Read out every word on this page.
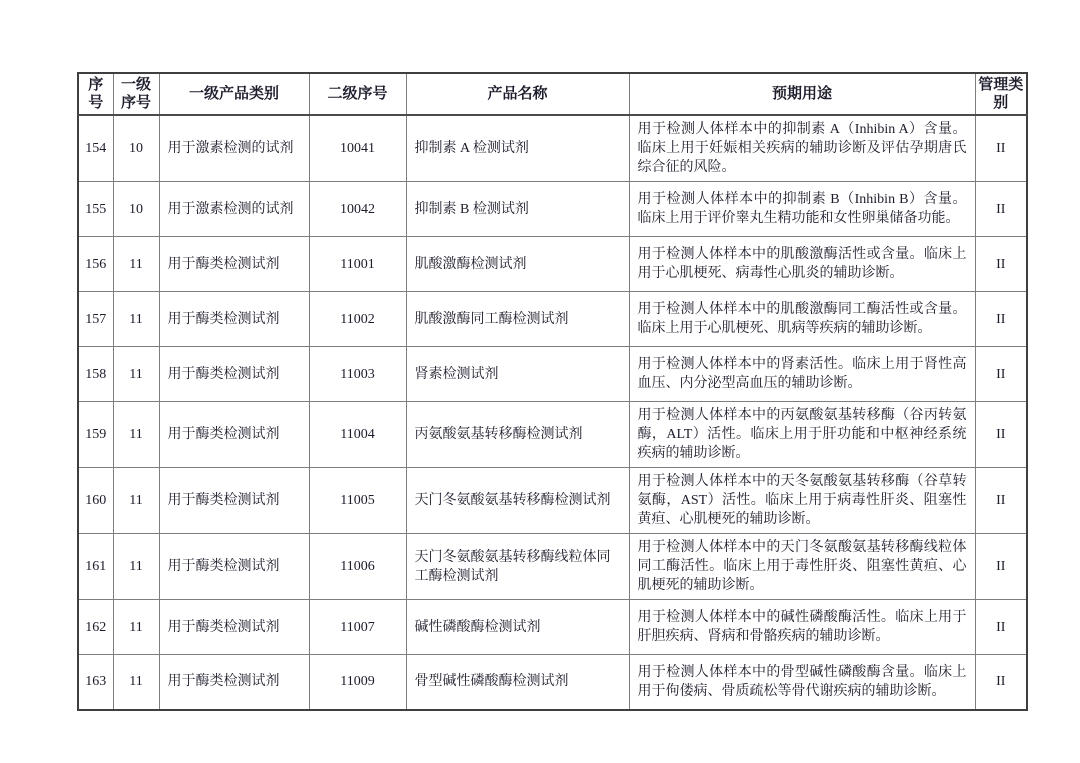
序号	一级序号	一级产品类别	二级序号	产品名称	预期用途	管理类别
154	10	用于激素检测的试剂	10041	抑制素 A 检测试剂	用于检测人体样本中的抑制素 A（Inhibin A）含量。临床上用于妊娠相关疾病的辅助诊断及评估孕期唐氏综合征的风险。	II
155	10	用于激素检测的试剂	10042	抑制素 B 检测试剂	用于检测人体样本中的抑制素 B（Inhibin B）含量。临床上用于评价睾丸生精功能和女性卵巢储备功能。	II
156	11	用于酶类检测试剂	11001	肌酸激酶检测试剂	用于检测人体样本中的肌酸激酶活性或含量。临床上用于心肌梗死、病毒性心肌炎的辅助诊断。	II
157	11	用于酶类检测试剂	11002	肌酸激酶同工酶检测试剂	用于检测人体样本中的肌酸激酶同工酶活性或含量。临床上用于心肌梗死、肌病等疾病的辅助诊断。	II
158	11	用于酶类检测试剂	11003	肾素检测试剂	用于检测人体样本中的肾素活性。临床上用于肾性高血压、内分泌型高血压的辅助诊断。	II
159	11	用于酶类检测试剂	11004	丙氨酸氨基转移酶检测试剂	用于检测人体样本中的丙氨酸氨基转移酶（谷丙转氨酶，ALT）活性。临床上用于肝功能和中枢神经系统疾病的辅助诊断。	II
160	11	用于酶类检测试剂	11005	天门冬氨酸氨基转移酶检测试剂	用于检测人体样本中的天冬氨酸氨基转移酶（谷草转氨酶，AST）活性。临床上用于病毒性肝炎、阻塞性黄疸、心肌梗死的辅助诊断。	II
161	11	用于酶类检测试剂	11006	天门冬氨酸氨基转移酶线粒体同工酶检测试剂	用于检测人体样本中的天门冬氨酸氨基转移酶线粒体同工酶活性。临床上用于毒性肝炎、阻塞性黄疸、心肌梗死的辅助诊断。	II
162	11	用于酶类检测试剂	11007	碱性磷酸酶检测试剂	用于检测人体样本中的碱性磷酸酶活性。临床上用于肝胆疾病、肾病和骨骼疾病的辅助诊断。	II
163	11	用于酶类检测试剂	11009	骨型碱性磷酸酶检测试剂	用于检测人体样本中的骨型碱性磷酸酶含量。临床上用于佝偻病、骨质疏松等骨代谢疾病的辅助诊断。	II
